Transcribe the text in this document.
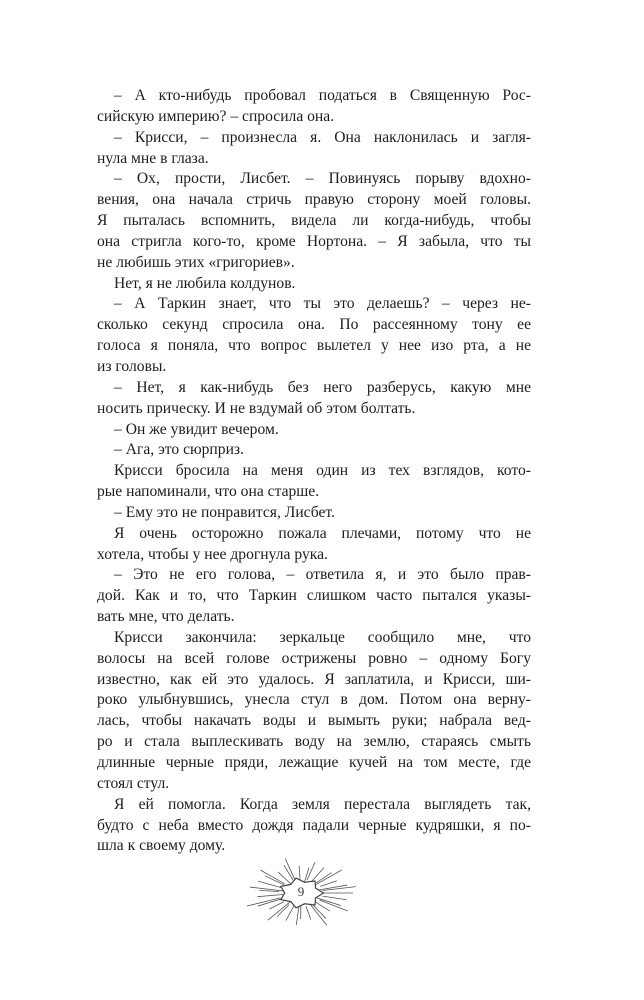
– А кто-нибудь пробовал податься в Священную Рос-
сийскую империю? – спросила она.
– Крисси, – произнесла я. Она наклонилась и загля-
нула мне в глаза.
– Ох, прости, Лисбет. – Повинуясь порыву вдохно-
вения, она начала стричь правую сторону моей головы.
Я пыталась вспомнить, видела ли когда-нибудь, чтобы
она стригла кого-то, кроме Нортона. – Я забыла, что ты
не любишь этих «григориев».
Нет, я не любила колдунов.
– А Таркин знает, что ты это делаешь? – через не-
сколько секунд спросила она. По рассеянному тону ее
голоса я поняла, что вопрос вылетел у нее изо рта, а не
из головы.
– Нет, я как-нибудь без него разберусь, какую мне
носить прическу. И не вздумай об этом болтать.
– Он же увидит вечером.
– Ага, это сюрприз.
Крисси бросила на меня один из тех взглядов, кото-
рые напоминали, что она старше.
– Ему это не понравится, Лисбет.
Я очень осторожно пожала плечами, потому что не
хотела, чтобы у нее дрогнула рука.
– Это не его голова, – ответила я, и это было прав-
дой. Как и то, что Таркин слишком часто пытался указы-
вать мне, что делать.
Крисси закончила: зеркальце сообщило мне, что
волосы на всей голове острижены ровно – одному Богу
известно, как ей это удалось. Я заплатила, и Крисси, ши-
роко улыбнувшись, унесла стул в дом. Потом она верну-
лась, чтобы накачать воды и вымыть руки; набрала вед-
ро и стала выплескивать воду на землю, стараясь смыть
длинные черные пряди, лежащие кучей на том месте, где
стоял стул.
Я ей помогла. Когда земля перестала выглядеть так,
будто с неба вместо дождя падали черные кудряшки, я по-
шла к своему дому.
9
